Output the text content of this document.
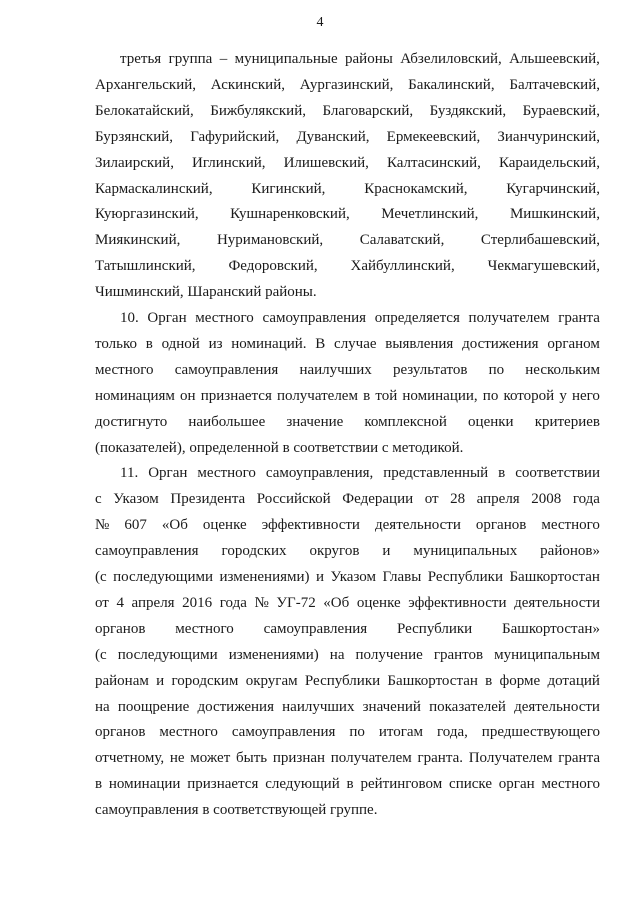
4
третья группа – муниципальные районы Абзелиловский, Альшеевский,
Архангельский, Аскинский, Аургазинский, Бакалинский, Балтачевский,
Белокатайский, Бижбулякский, Благоварский, Буздякский, Бураевский,
Бурзянский, Гафурийский, Дуванский, Ермекеевский, Зианчуринский,
Зилаирский, Иглинский, Илишевский, Калтасинский, Караидельский,
Кармаскалинский,	Кигинский,	Краснокамский,	Кугарчинский,
Куюргазинский, Кушнаренковский, Мечетлинский, Мишкинский,
Миякинский, Нуримановский, Салаватский, Стерлибашевский,
Татышлинский, Федоровский, Хайбуллинский, Чекмагушевский,
Чишминский, Шаранский районы.
10. Орган местного самоуправления определяется получателем гранта
только в одной из номинаций. В случае выявления достижения органом
местного самоуправления наилучших результатов по нескольким
номинациям он признается получателем в той номинации, по которой у него
достигнуто наибольшее значение комплексной оценки критериев
(показателей), определенной в соответствии с методикой.
11. Орган местного самоуправления, представленный в соответствии
с Указом Президента Российской Федерации от 28 апреля 2008 года
№ 607 «Об оценке эффективности деятельности органов местного
самоуправления городских округов и муниципальных районов»
(с последующими изменениями) и Указом Главы Республики Башкортостан
от 4 апреля 2016 года № УГ-72 «Об оценке эффективности деятельности
органов местного самоуправления Республики Башкортостан»
(с последующими изменениями) на получение грантов муниципальным
районам и городским округам Республики Башкортостан в форме дотаций
на поощрение достижения наилучших значений показателей деятельности
органов местного самоуправления по итогам года, предшествующего
отчетному, не может быть признан получателем гранта. Получателем гранта
в номинации признается следующий в рейтинговом списке орган местного
самоуправления в соответствующей группе.
